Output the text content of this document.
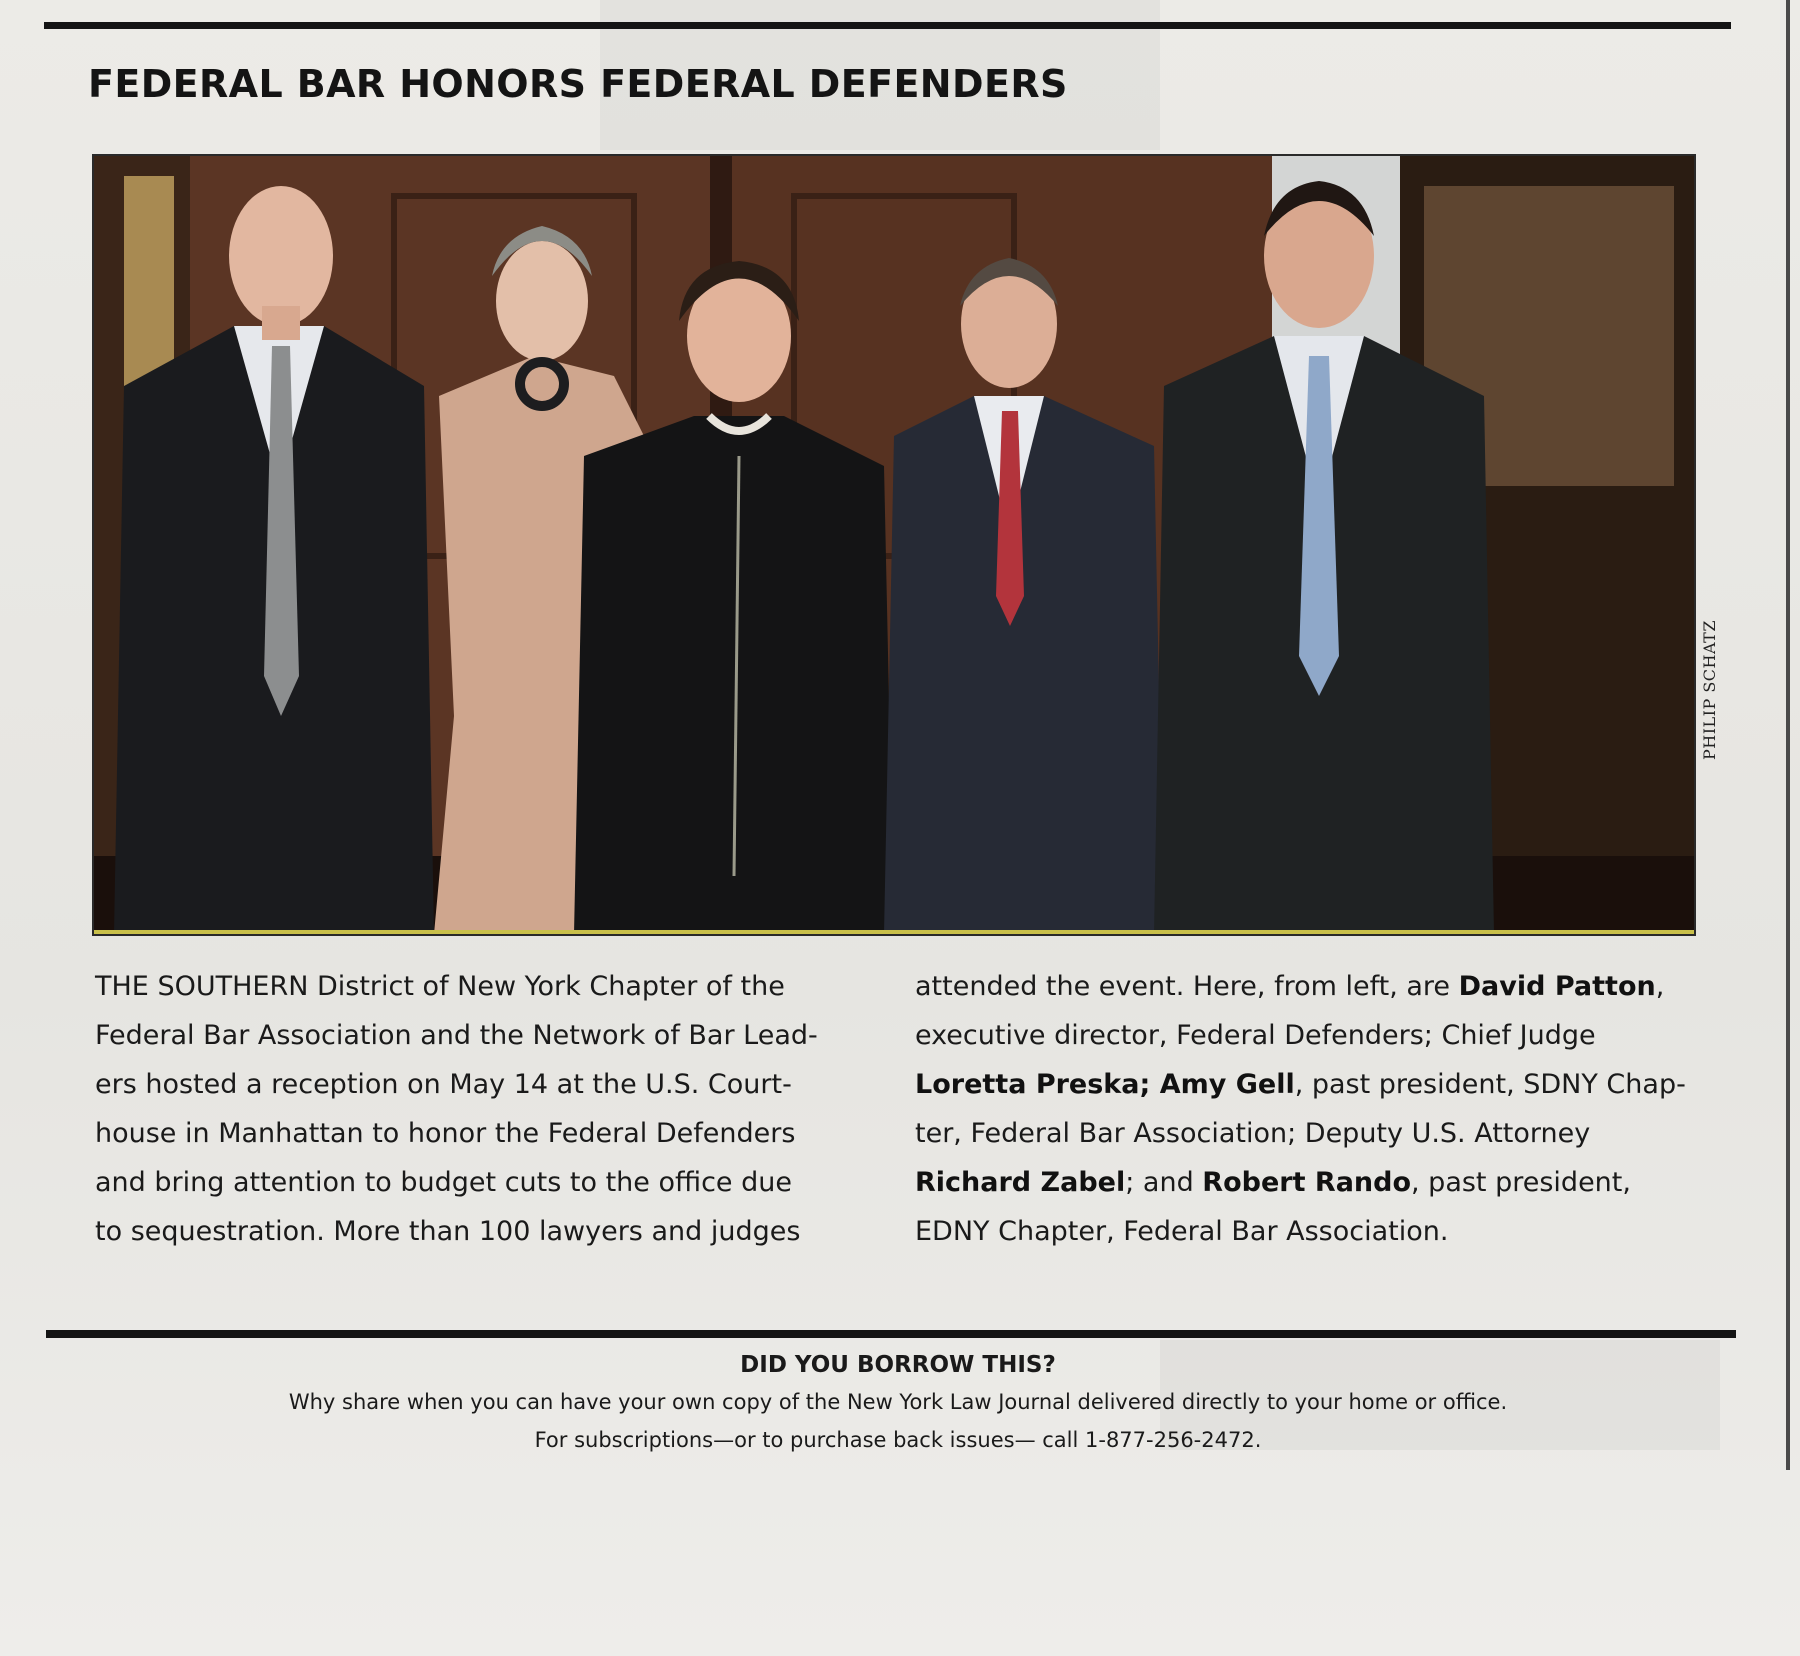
FEDERAL BAR HONORS FEDERAL DEFENDERS
PHILIP SCHATZ
THE SOUTHERN District of New York Chapter of the
Federal Bar Association and the Network of Bar Lead-
ers hosted a reception on May 14 at the U.S. Court-
house in Manhattan to honor the Federal Defenders
and bring attention to budget cuts to the office due
to sequestration. More than 100 lawyers and judges
attended the event. Here, from left, are David Patton,
executive director, Federal Defenders; Chief Judge
Loretta Preska; Amy Gell, past president, SDNY Chap-
ter, Federal Bar Association; Deputy U.S. Attorney
Richard Zabel; and Robert Rando, past president,
EDNY Chapter, Federal Bar Association.
DID YOU BORROW THIS?
Why share when you can have your own copy of the New York Law Journal delivered directly to your home or office.
For subscriptions—or to purchase back issues— call 1-877-256-2472.
